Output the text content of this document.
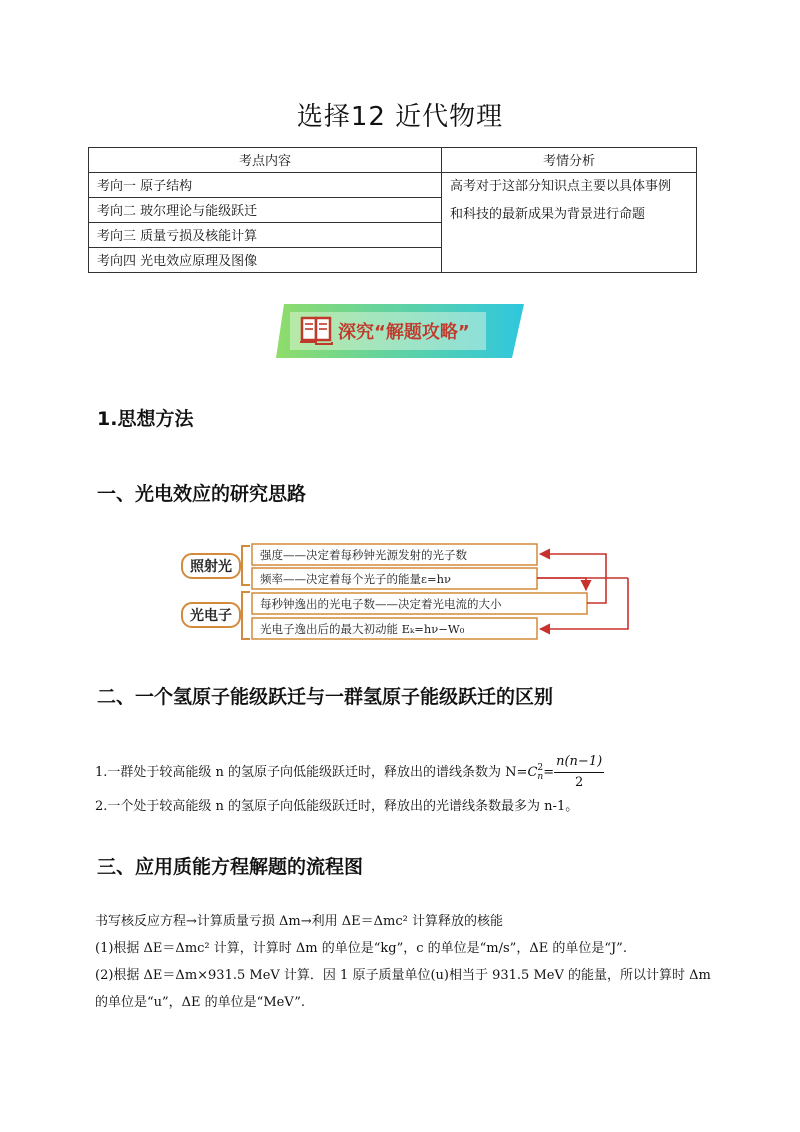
选择12 近代物理
考点内容	考情分析
考向一 原子结构	高考对于这部分知识点主要以具体事例
和科技的最新成果为背景进行命题
考向二 玻尔理论与能级跃迁	
考向三 质量亏损及核能计算	
考向四 光电效应原理及图像	
深究“解题攻略”
1.思想方法
一、光电效应的研究思路
照射光
光电子
强度——决定着每秒钟光源发射的光子数
频率——决定着每个光子的能量ε=hν
每秒钟逸出的光电子数——决定着光电流的大小
光电子逸出后的最大初动能 Eₖ=hν−W₀
二、一个氢原子能级跃迁与一群氢原子能级跃迁的区别
1.一群处于较高能级 n 的氢原子向低能级跃迁时，释放出的谱线条数为 N=C 2
$n = \frac{n(n-1)}{2}$
2.一个处于较高能级 n 的氢原子向低能级跃迁时，释放出的光谱线条数最多为 n-1。
三、应用质能方程解题的流程图
书写核反应方程→计算质量亏损 Δm→利用 ΔE＝Δmc² 计算释放的核能
(1)根据 ΔE＝Δmc² 计算，计算时 Δm 的单位是“kg”，c 的单位是“m/s”，ΔE 的单位是“J”.
(2)根据 ΔE＝Δm×931.5 MeV 计算．因 1 原子质量单位(u)相当于 931.5 MeV 的能量，所以计算时 Δm
的单位是“u”，ΔE 的单位是“MeV”.
